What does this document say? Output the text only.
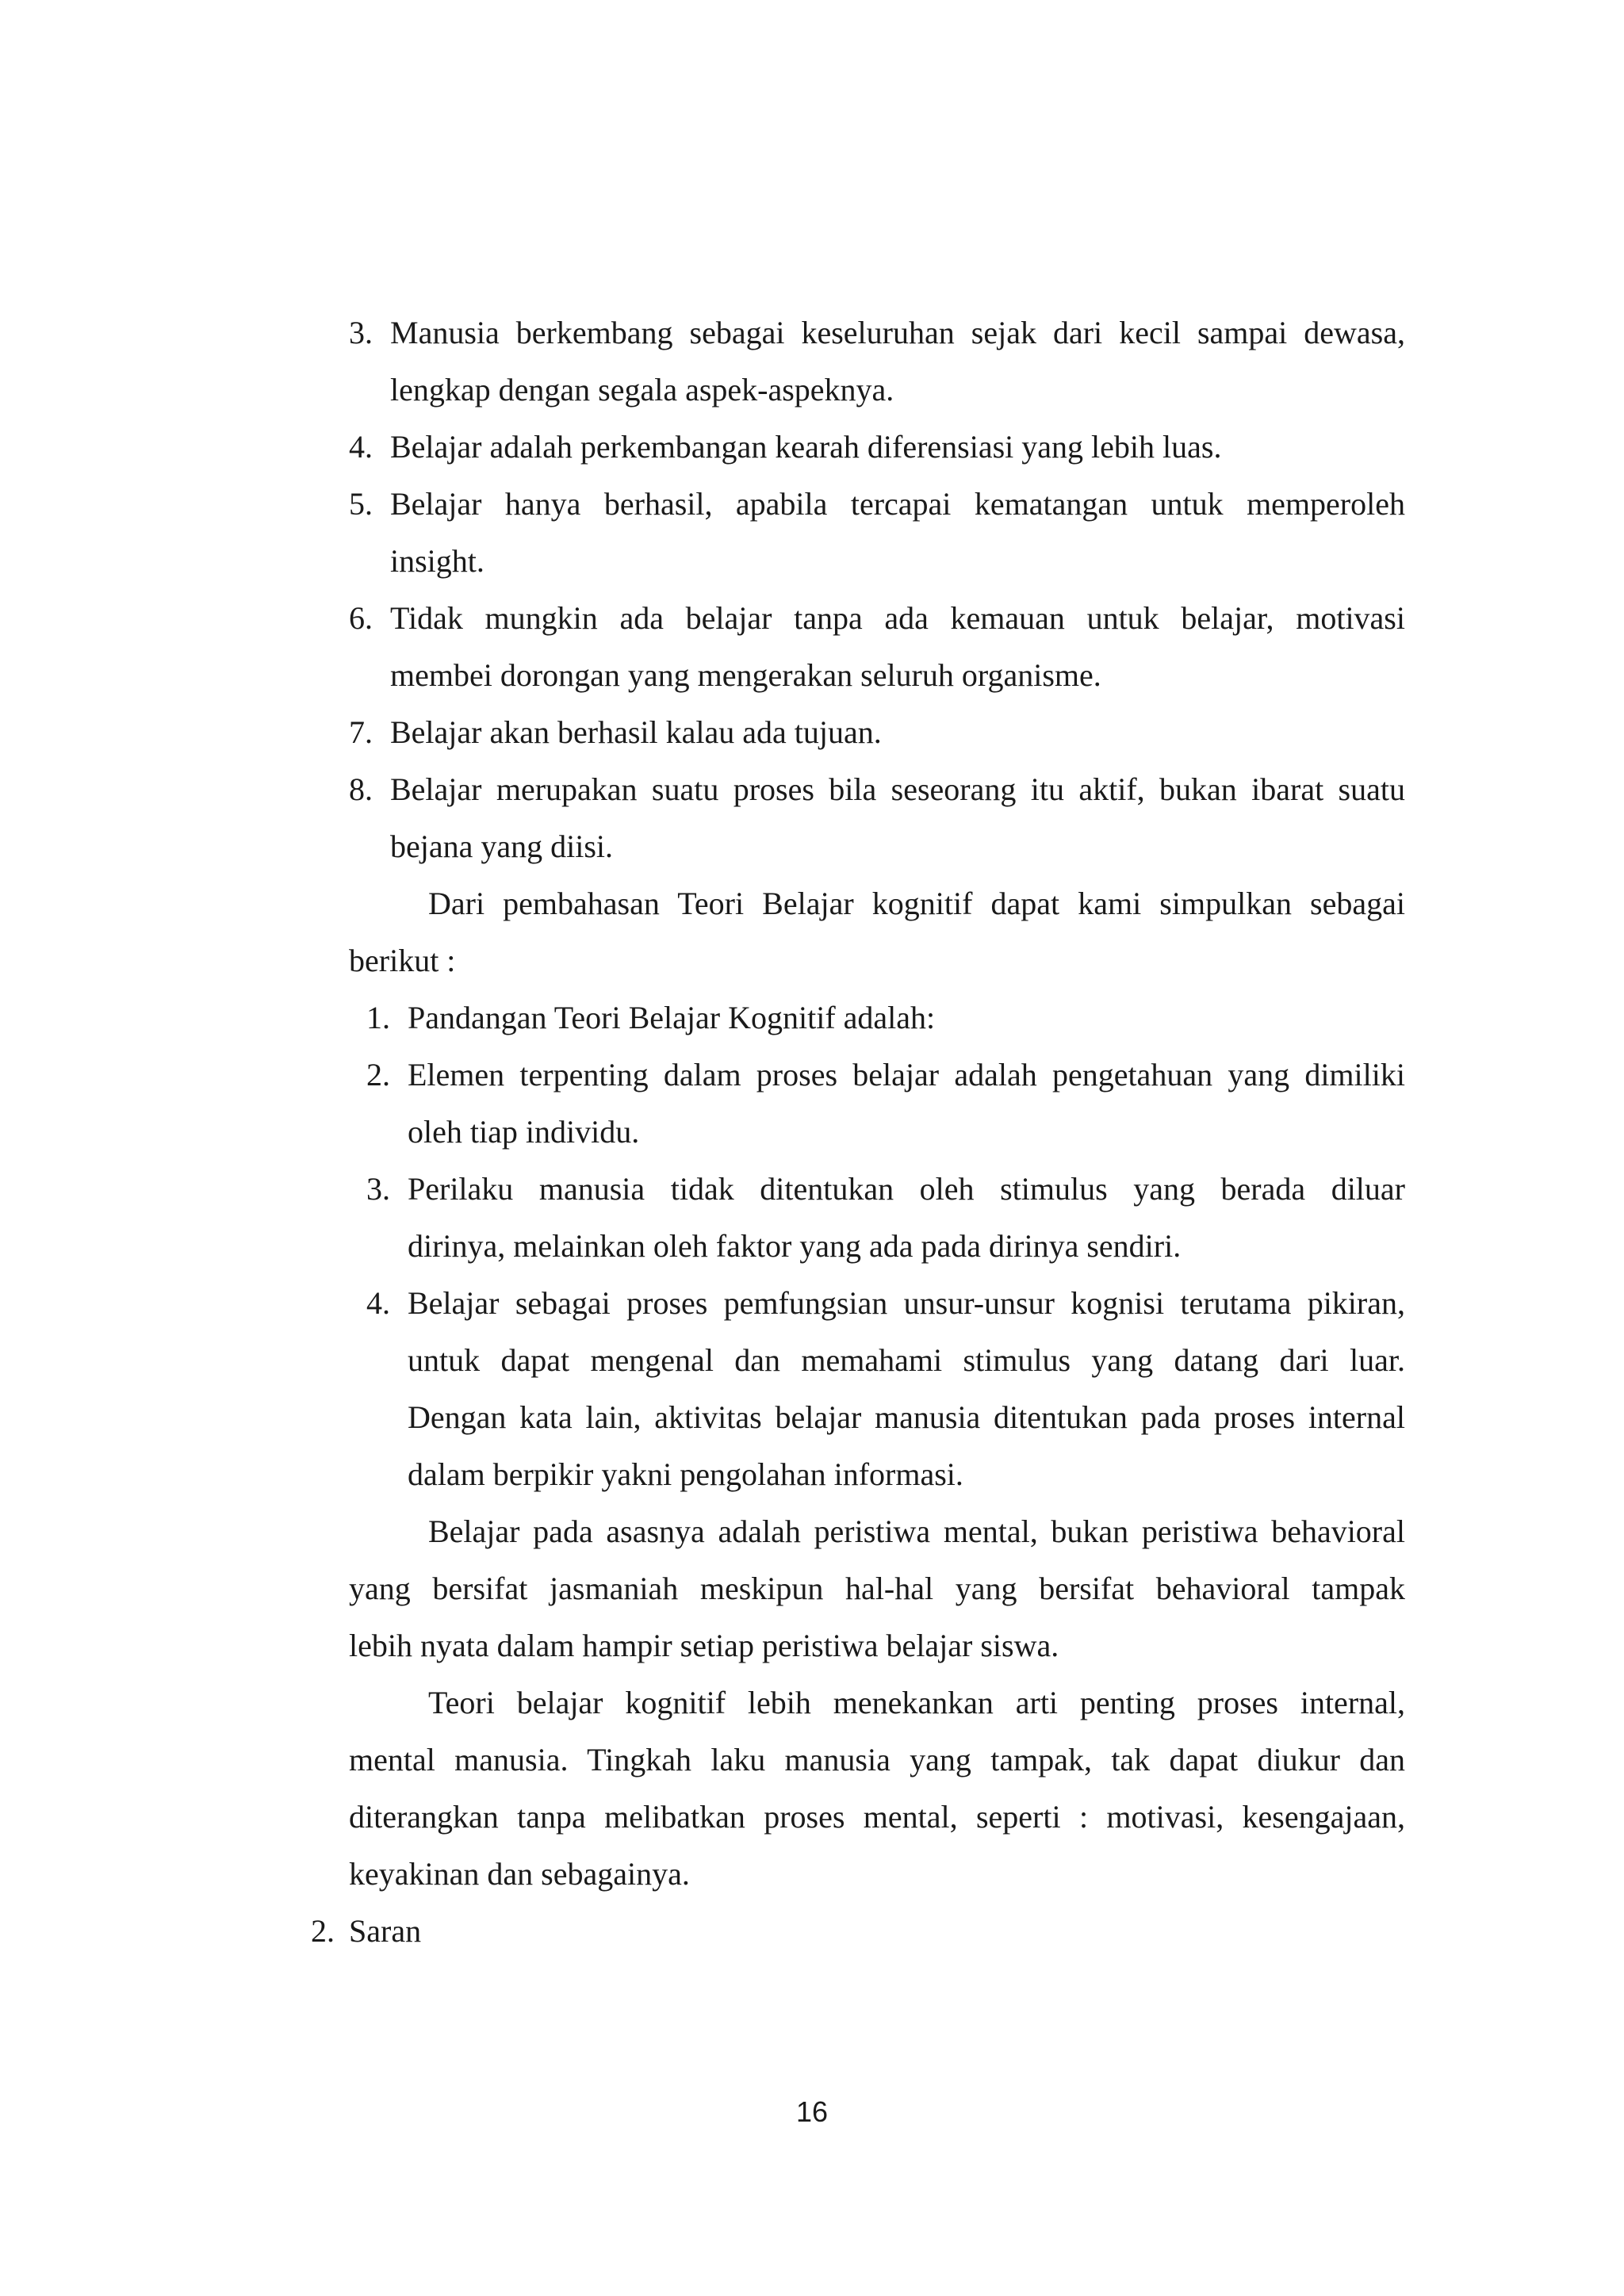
3. Manusia berkembang sebagai keseluruhan sejak dari kecil sampai dewasa,
lengkap dengan segala aspek-aspeknya.
4. Belajar adalah perkembangan kearah diferensiasi yang lebih luas.
5. Belajar hanya berhasil, apabila tercapai kematangan untuk memperoleh
insight.
6. Tidak mungkin ada belajar tanpa ada kemauan untuk belajar, motivasi
membei dorongan yang mengerakan seluruh organisme.
7. Belajar akan berhasil kalau ada tujuan.
8. Belajar merupakan suatu proses bila seseorang itu aktif, bukan ibarat suatu
bejana yang diisi.
Dari pembahasan Teori Belajar kognitif dapat kami simpulkan sebagai
berikut :
1. Pandangan Teori Belajar Kognitif adalah:
2. Elemen terpenting dalam proses belajar adalah pengetahuan yang dimiliki
oleh tiap individu.
3. Perilaku manusia tidak ditentukan oleh stimulus yang berada diluar
dirinya, melainkan oleh faktor yang ada pada dirinya sendiri.
4. Belajar sebagai proses pemfungsian unsur-unsur kognisi terutama pikiran,
untuk dapat mengenal dan memahami stimulus yang datang dari luar.
Dengan kata lain, aktivitas belajar manusia ditentukan pada proses internal
dalam berpikir yakni pengolahan informasi.
Belajar pada asasnya adalah peristiwa mental, bukan peristiwa behavioral
yang bersifat jasmaniah meskipun hal-hal yang bersifat behavioral tampak
lebih nyata dalam hampir setiap peristiwa belajar siswa.
Teori belajar kognitif lebih menekankan arti penting proses internal,
mental manusia. Tingkah laku manusia yang tampak, tak dapat diukur dan
diterangkan tanpa melibatkan proses mental, seperti : motivasi, kesengajaan,
keyakinan dan sebagainya.
2. Saran
16
